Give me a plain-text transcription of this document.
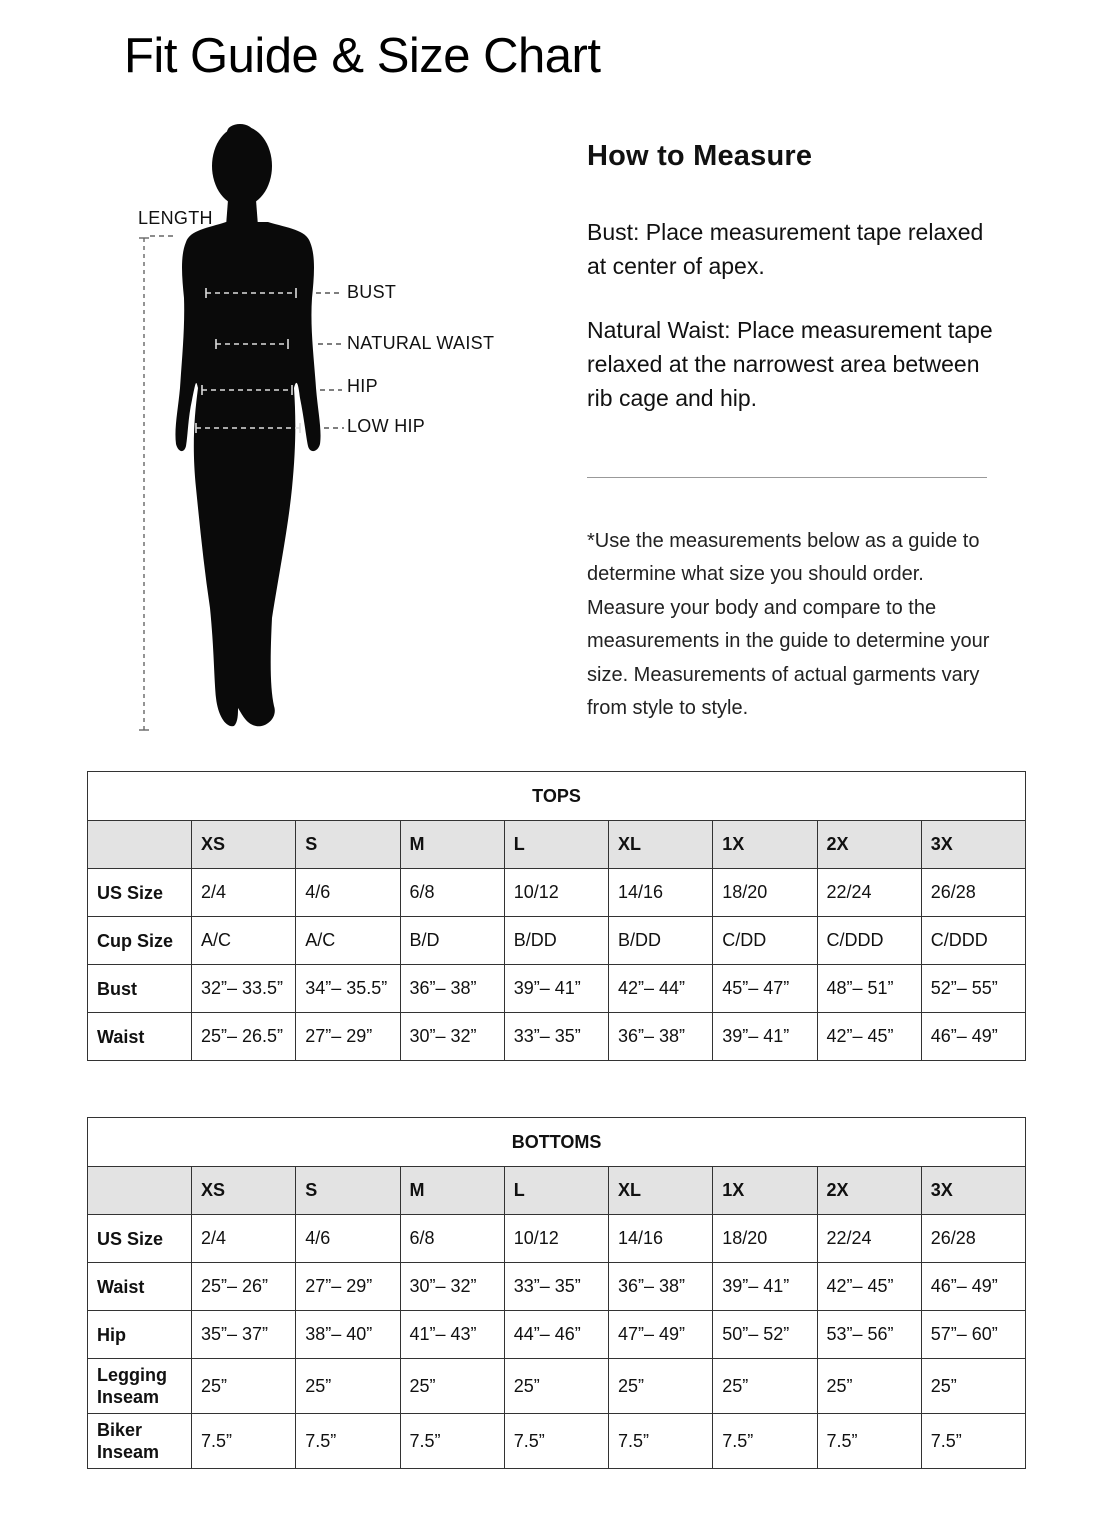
Fit Guide & Size Chart
LENGTH
BUST
NATURAL WAIST
HIP
LOW HIP
How to Measure

Bust: Place measurement tape relaxed at center of apex.

Natural Waist: Place measurement tape relaxed at the narrowest area between rib cage and hip.

*Use the measurements below as a guide to determine what size you should order. Measure your body and compare to the measurements in the guide to determine your size. Measurements of actual garments vary from style to style.

TOPS								
	XS	S	M	L	XL	1X	2X	3X
US Size	2/4	4/6	6/8	10/12	14/16	18/20	22/24	26/28
Cup Size	A/C	A/C	B/D	B/DD	B/DD	C/DD	C/DDD	C/DDD
Bust	32”– 33.5”	34”– 35.5”	36”– 38”	39”– 41”	42”– 44”	45”– 47”	48”– 51”	52”– 55”
Waist	25”– 26.5”	27”– 29”	30”– 32”	33”– 35”	36”– 38”	39”– 41”	42”– 45”	46”– 49”
BOTTOMS								
	XS	S	M	L	XL	1X	2X	3X
US Size	2/4	4/6	6/8	10/12	14/16	18/20	22/24	26/28
Waist	25”– 26”	27”– 29”	30”– 32”	33”– 35”	36”– 38”	39”– 41”	42”– 45”	46”– 49”
Hip	35”– 37”	38”– 40”	41”– 43”	44”– 46”	47”– 49”	50”– 52”	53”– 56”	57”– 60”
Legging Inseam	25”	25”	25”	25”	25”	25”	25”	25”
Biker Inseam	7.5”	7.5”	7.5”	7.5”	7.5”	7.5”	7.5”	7.5”
